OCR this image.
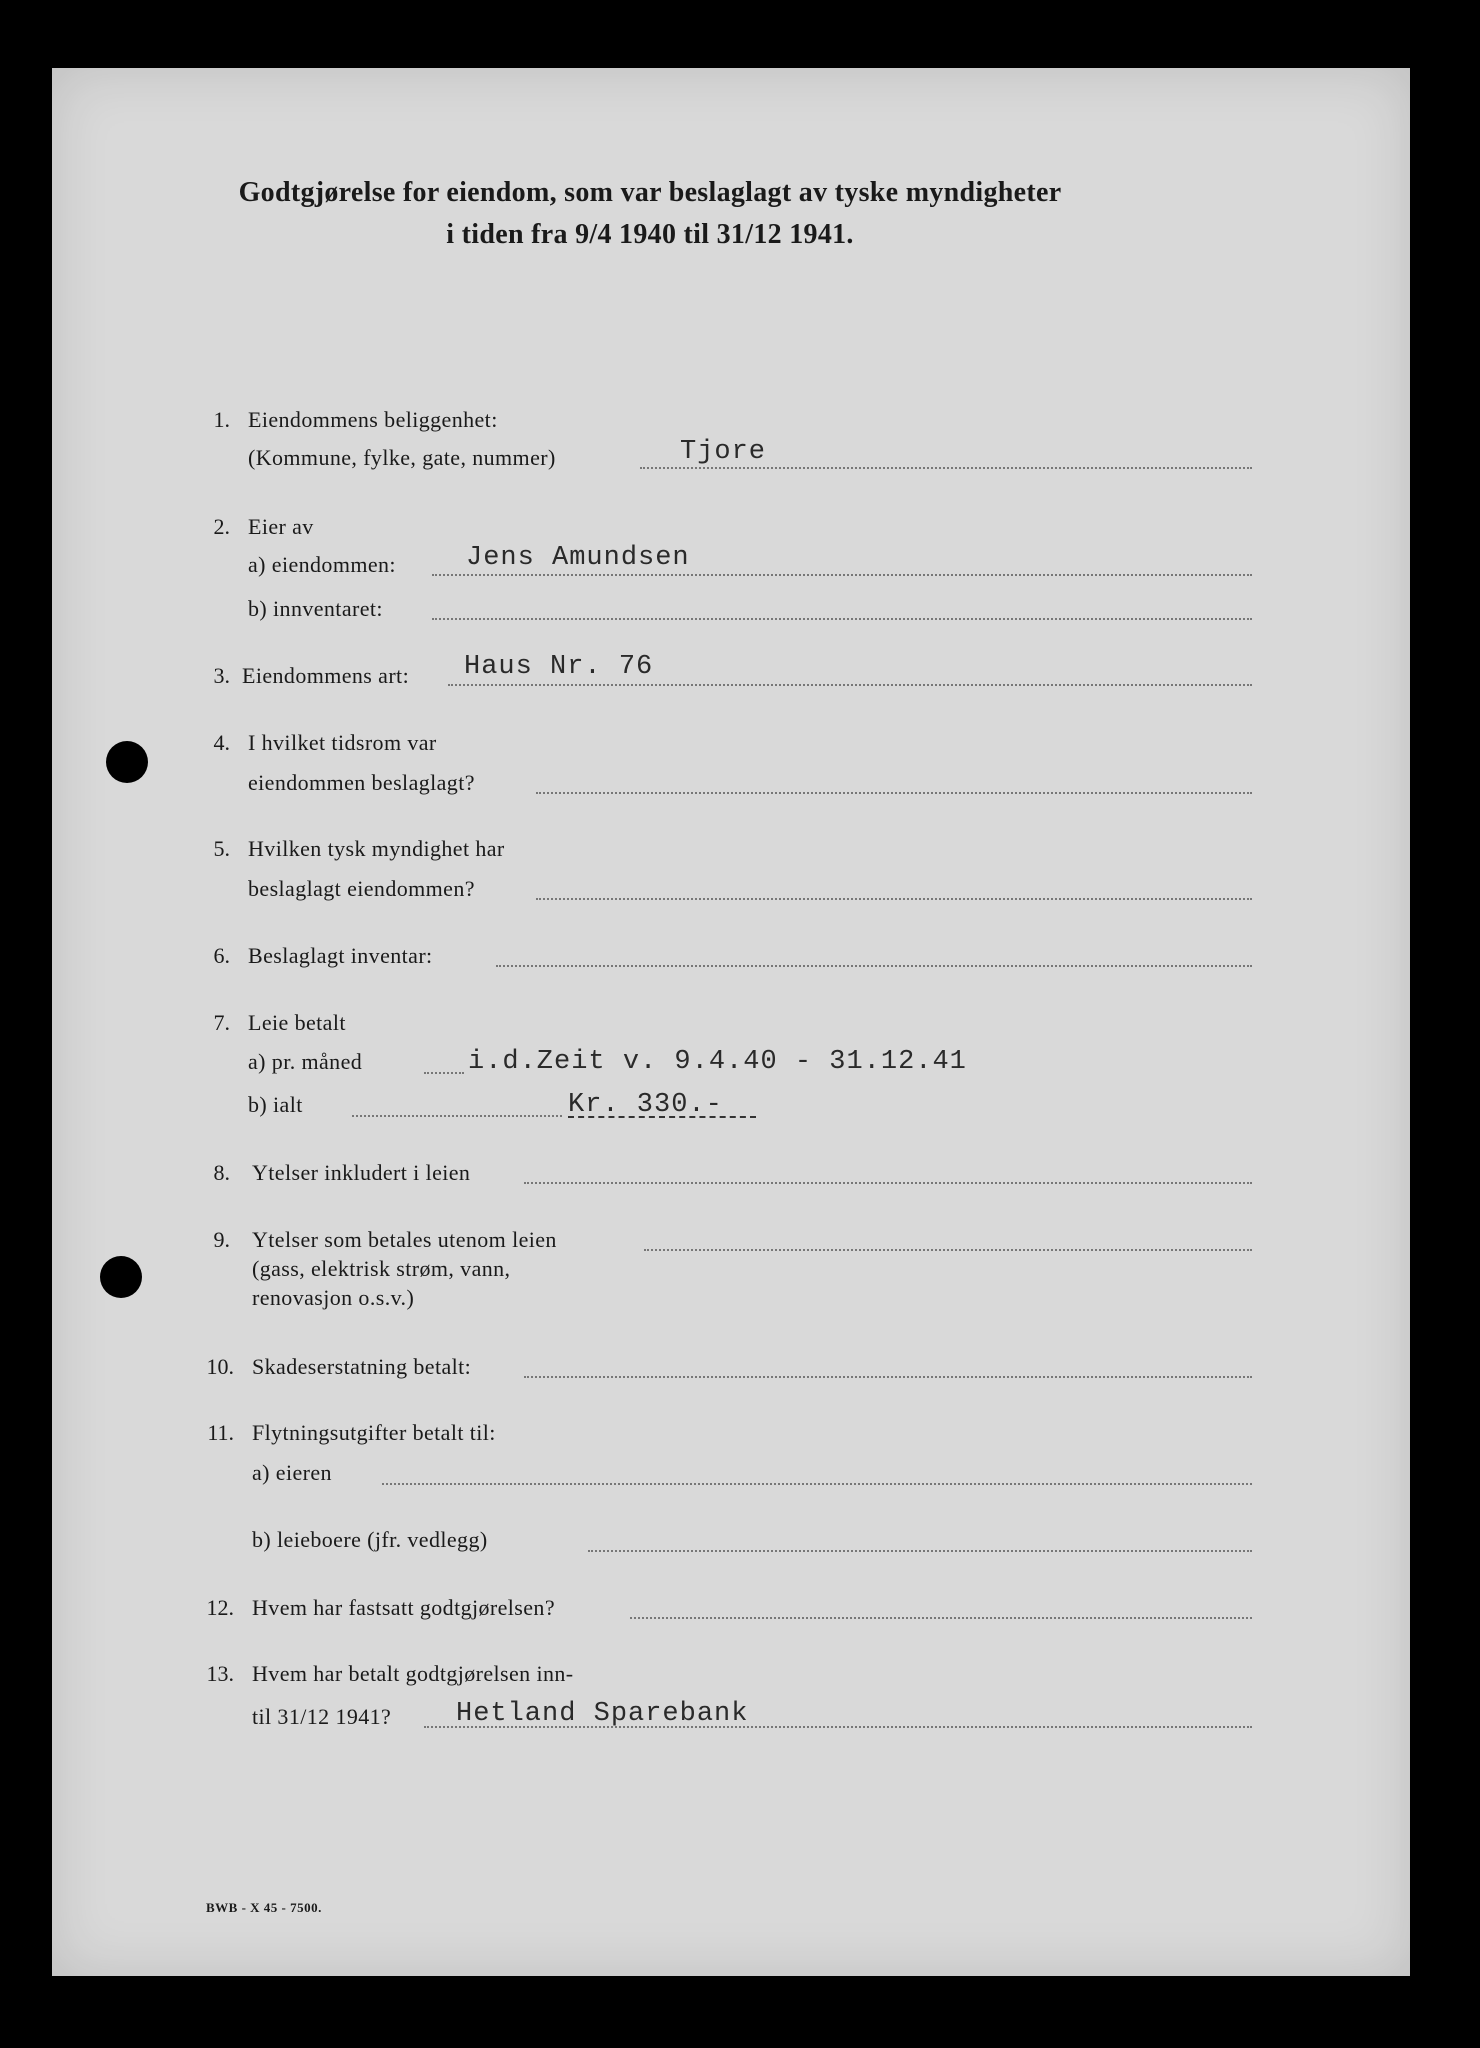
Godtgjørelse for eiendom, som var beslaglagt av tyske myndigheter
i tiden fra 9/4 1940 til 31/12 1941.
1. Eiendommens beliggenhet:
(Kommune, fylke, gate, nummer)	Tjore
2. Eier av
a) eiendommen:	Jens Amundsen
b) innventaret:
3. Eiendommens art: Haus Nr. 76
4. I hvilket tidsrom var
eiendommen beslaglagt?
5. Hvilken tysk myndighet har
beslaglagt eiendommen?
6. Beslaglagt inventar:
7. Leie betalt
a) pr. måned	i.d.Zeit v. 9.4.40 - 31.12.41
b) ialt	Kr. 330.-
8. Ytelser inkludert i leien
9. Ytelser som betales utenom leien
(gass, elektrisk strøm, vann,
renovasjon o.s.v.)
10. Skadeserstatning betalt:
11. Flytningsutgifter betalt til:
a) eieren
b) leieboere (jfr. vedlegg)
12. Hvem har fastsatt godtgjørelsen?
13. Hvem har betalt godtgjørelsen inn-
til 31/12 1941? Hetland Sparebank
BWB - X 45 - 7500.
